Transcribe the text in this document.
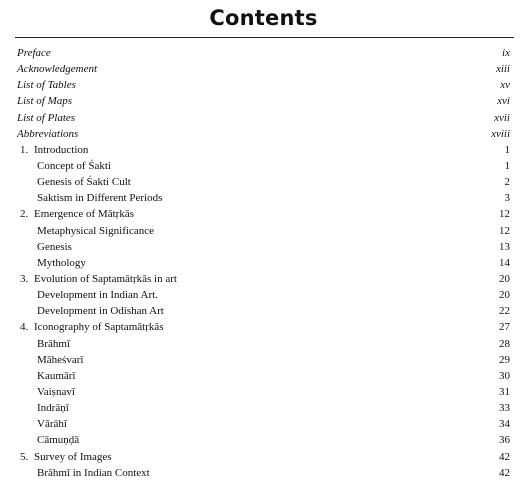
Contents
Preface	ix
Acknowledgement	xiii
List of Tables	xv
List of Maps	xvi
List of Plates	xvii
Abbreviations	xviii
1. Introduction	1
Concept of Śakti	1
Genesis of Śakti Cult	2
Saktism in Different Periods	3
2. Emergence of Mātṛkās	12
Metaphysical Significance	12
Genesis	13
Mythology	14
3. Evolution of Saptamātṛkās in art	20
Development in Indian Art.	20
Development in Odishan Art	22
4. Iconography of Saptamātṛkās	27
Brāhmī	28
Māheśvarī	29
Kaumārī	30
Vaiṣnavī	31
Indrāṇī	33
Vārāhī	34
Cāmuṇḍā	36
5. Survey of Images	42
Brāhmī in Indian Context	42
